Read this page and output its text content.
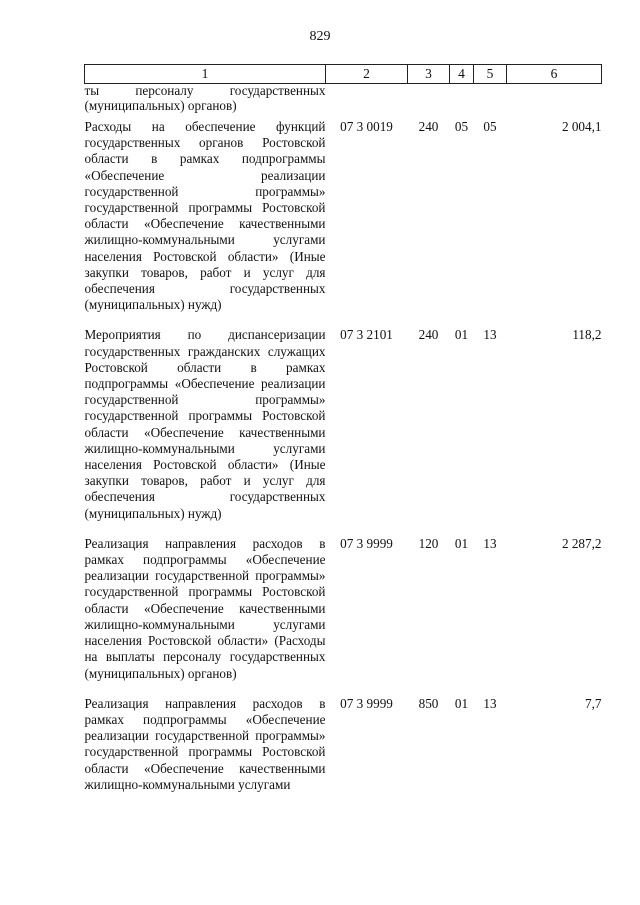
829
1	2	3	4	5	6
ты персоналу государственных (муниципальных) органов)					
Расходы на обеспечение функций государственных органов Ростовской области в рамках подпрограммы «Обеспечение реализации государственной программы» государственной программы Ростовской области «Обеспечение качественными жилищно-коммунальными услугами населения Ростовской области» (Иные закупки товаров, работ и услуг для обеспечения государственных (муниципальных) нужд)	07 3 0019	240	05	05	2 004,1
Мероприятия по диспансеризации государственных гражданских служащих Ростовской области в рамках подпрограммы «Обеспечение реализации государственной программы» государственной программы Ростовской области «Обеспечение качественными жилищно-коммунальными услугами населения Ростовской области» (Иные закупки товаров, работ и услуг для обеспечения государственных (муниципальных) нужд)	07 3 2101	240	01	13	118,2
Реализация направления расходов в рамках подпрограммы «Обеспечение реализации государственной программы» государственной программы Ростовской области «Обеспечение качественными жилищно-коммунальными услугами населения Ростовской области» (Расходы на выплаты персоналу государственных (муниципальных) органов)	07 3 9999	120	01	13	2 287,2
Реализация направления расходов в рамках подпрограммы «Обеспечение реализации государственной программы» государственной программы Ростовской области «Обеспечение качественными жилищно-коммунальными услугами	07 3 9999	850	01	13	7,7
